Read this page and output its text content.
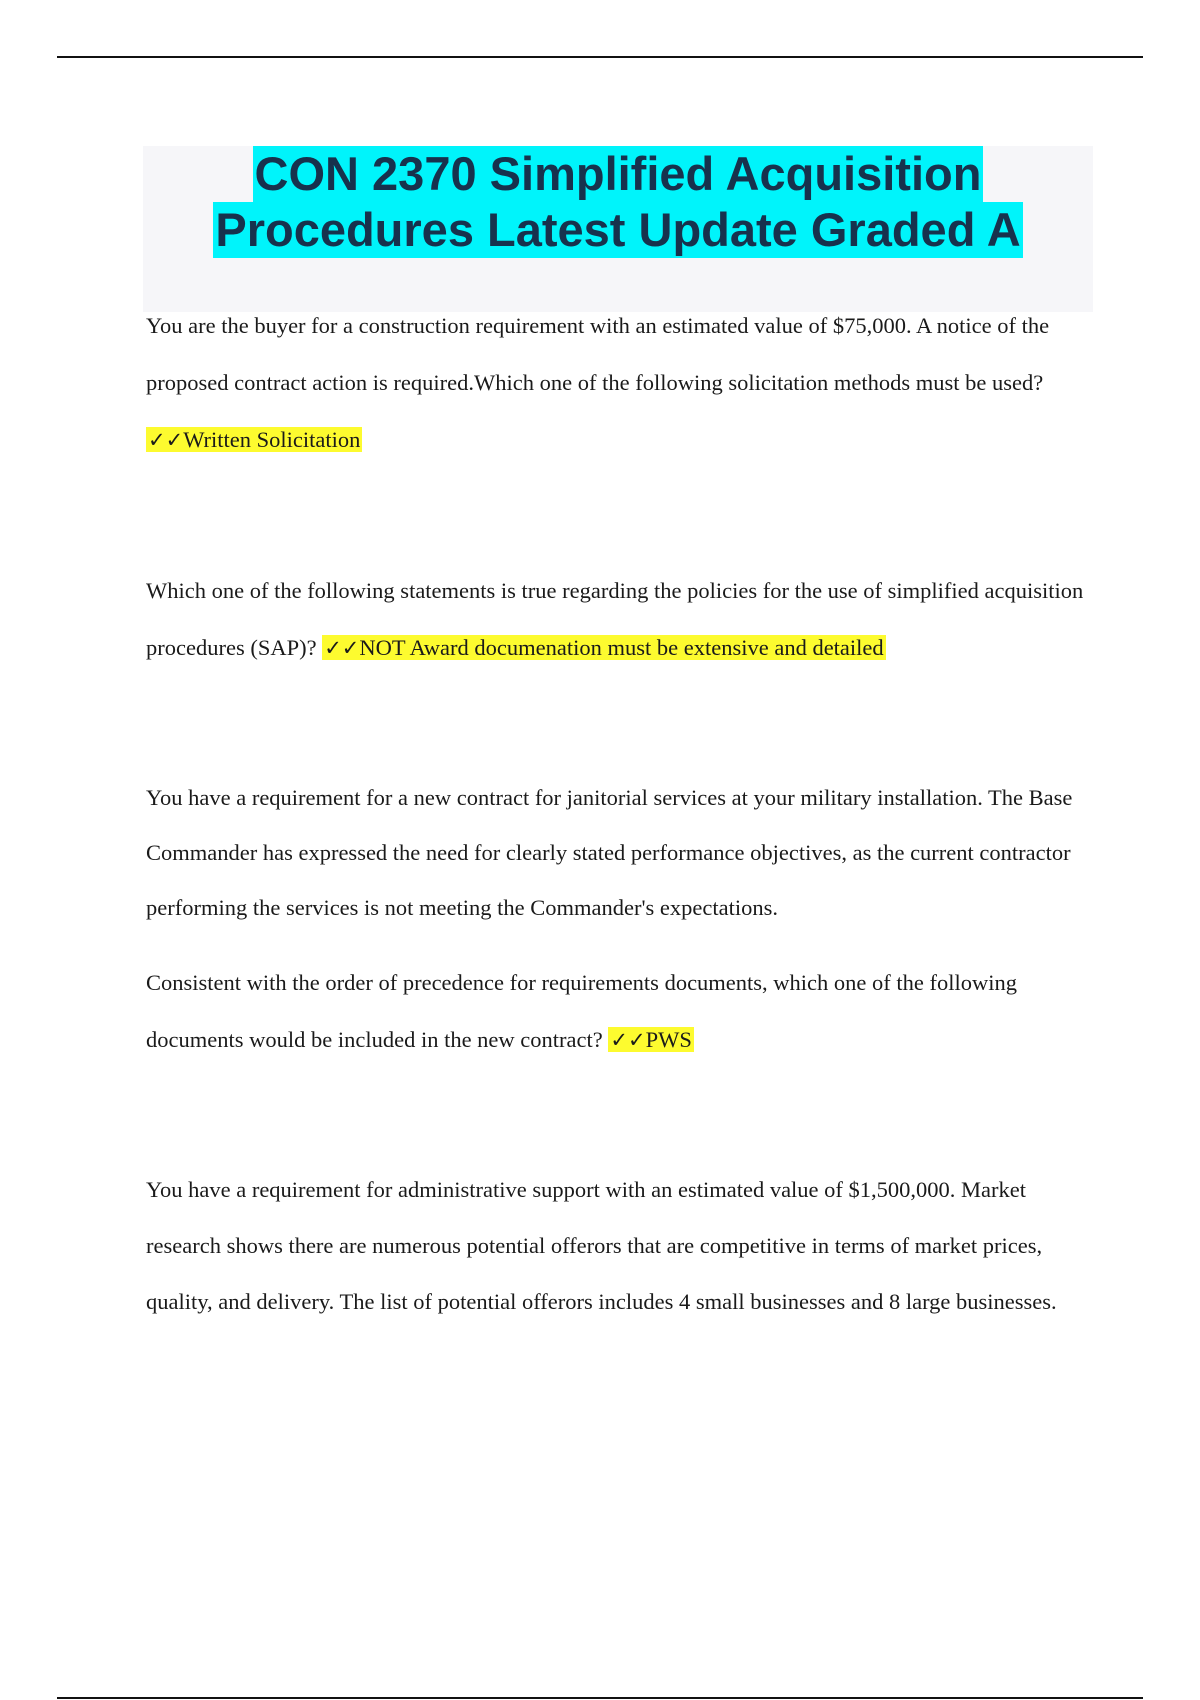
CON 2370 Simplified Acquisition
Procedures Latest Update Graded A

You are the buyer for a construction requirement with an estimated value of $75,000. A notice of the proposed contract action is required.Which one of the following solicitation methods must be used? ✓✓Written Solicitation

Which one of the following statements is true regarding the policies for the use of simplified acquisition procedures (SAP)? ✓✓NOT Award documenation must be extensive and detailed

You have a requirement for a new contract for janitorial services at your military installation. The Base Commander has expressed the need for clearly stated performance objectives, as the current contractor performing the services is not meeting the Commander's expectations.

Consistent with the order of precedence for requirements documents, which one of the following documents would be included in the new contract? ✓✓PWS

You have a requirement for administrative support with an estimated value of $1,500,000. Market research shows there are numerous potential offerors that are competitive in terms of market prices, quality, and delivery. The list of potential offerors includes 4 small businesses and 8 large businesses.
